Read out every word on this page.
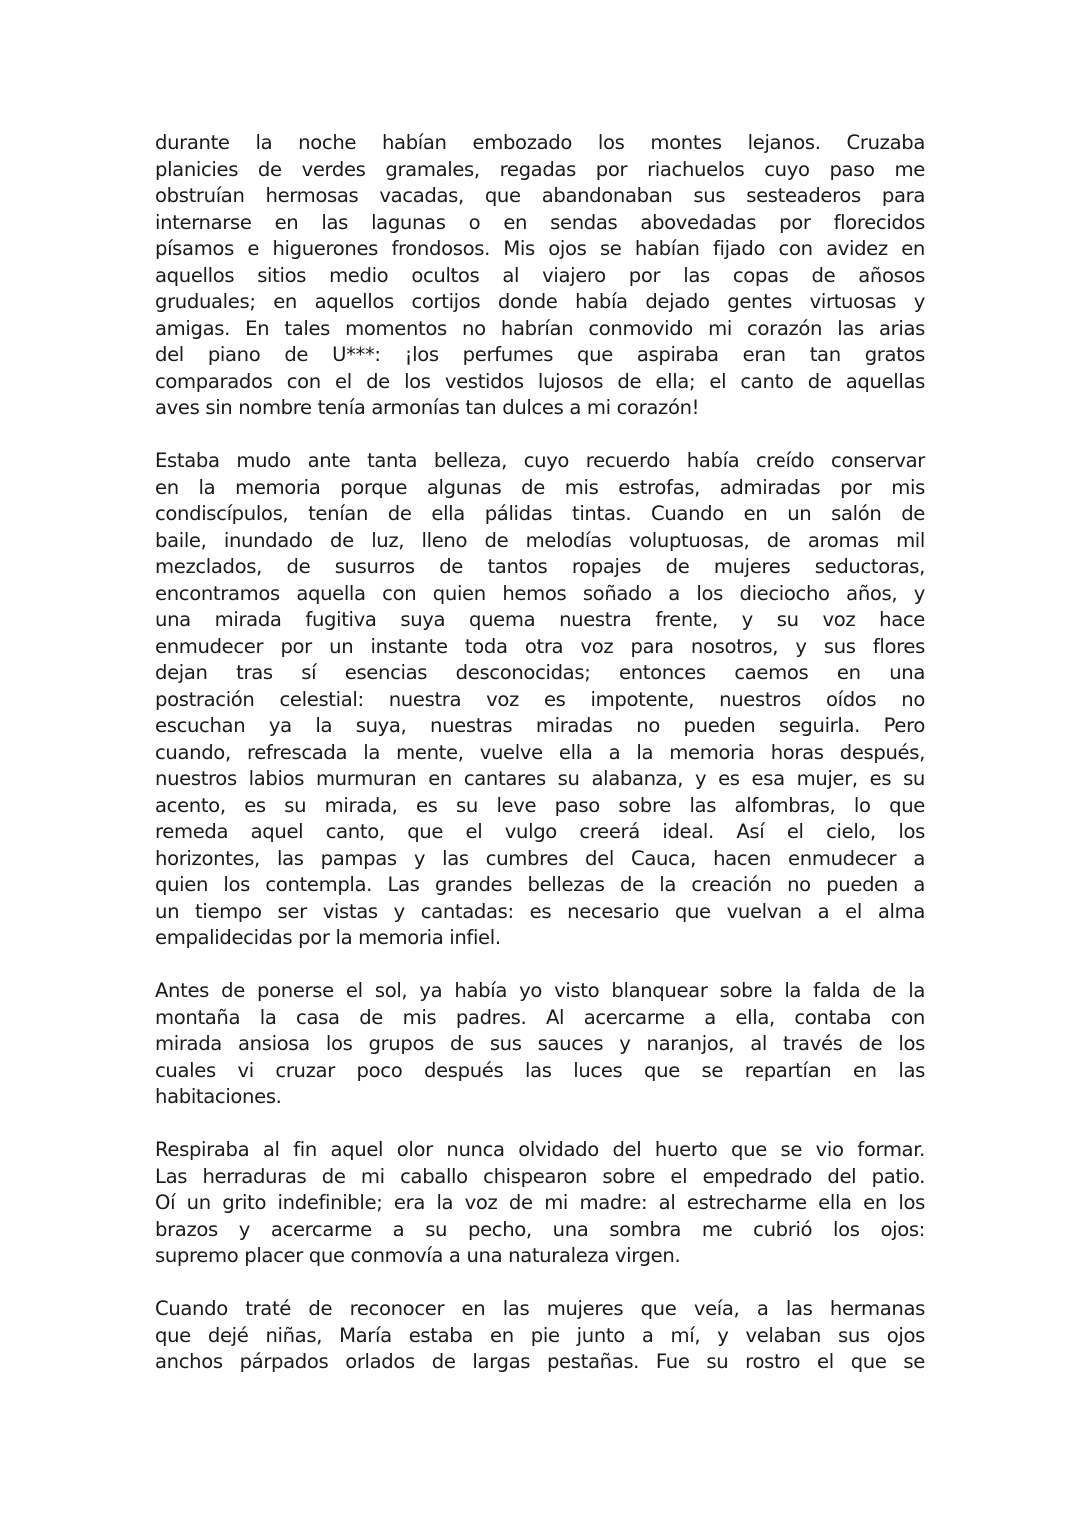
durante la noche habían embozado los montes lejanos. Cruzaba
planicies de verdes gramales, regadas por riachuelos cuyo paso me
obstruían hermosas vacadas, que abandonaban sus sesteaderos para
internarse en las lagunas o en sendas abovedadas por florecidos
písamos e higuerones frondosos. Mis ojos se habían fijado con avidez en
aquellos sitios medio ocultos al viajero por las copas de añosos
gruduales; en aquellos cortijos donde había dejado gentes virtuosas y
amigas. En tales momentos no habrían conmovido mi corazón las arias
del piano de U***: ¡los perfumes que aspiraba eran tan gratos
comparados con el de los vestidos lujosos de ella; el canto de aquellas
aves sin nombre tenía armonías tan dulces a mi corazón!
Estaba mudo ante tanta belleza, cuyo recuerdo había creído conservar
en la memoria porque algunas de mis estrofas, admiradas por mis
condiscípulos, tenían de ella pálidas tintas. Cuando en un salón de
baile, inundado de luz, lleno de melodías voluptuosas, de aromas mil
mezclados, de susurros de tantos ropajes de mujeres seductoras,
encontramos aquella con quien hemos soñado a los dieciocho años, y
una mirada fugitiva suya quema nuestra frente, y su voz hace
enmudecer por un instante toda otra voz para nosotros, y sus flores
dejan tras sí esencias desconocidas; entonces caemos en una
postración celestial: nuestra voz es impotente, nuestros oídos no
escuchan ya la suya, nuestras miradas no pueden seguirla. Pero
cuando, refrescada la mente, vuelve ella a la memoria horas después,
nuestros labios murmuran en cantares su alabanza, y es esa mujer, es su
acento, es su mirada, es su leve paso sobre las alfombras, lo que
remeda aquel canto, que el vulgo creerá ideal. Así el cielo, los
horizontes, las pampas y las cumbres del Cauca, hacen enmudecer a
quien los contempla. Las grandes bellezas de la creación no pueden a
un tiempo ser vistas y cantadas: es necesario que vuelvan a el alma
empalidecidas por la memoria infiel.
Antes de ponerse el sol, ya había yo visto blanquear sobre la falda de la
montaña la casa de mis padres. Al acercarme a ella, contaba con
mirada ansiosa los grupos de sus sauces y naranjos, al través de los
cuales vi cruzar poco después las luces que se repartían en las
habitaciones.
Respiraba al fin aquel olor nunca olvidado del huerto que se vio formar.
Las herraduras de mi caballo chispearon sobre el empedrado del patio.
Oí un grito indefinible; era la voz de mi madre: al estrecharme ella en los
brazos y acercarme a su pecho, una sombra me cubrió los ojos:
supremo placer que conmovía a una naturaleza virgen.
Cuando traté de reconocer en las mujeres que veía, a las hermanas
que dejé niñas, María estaba en pie junto a mí, y velaban sus ojos
anchos párpados orlados de largas pestañas. Fue su rostro el que se
